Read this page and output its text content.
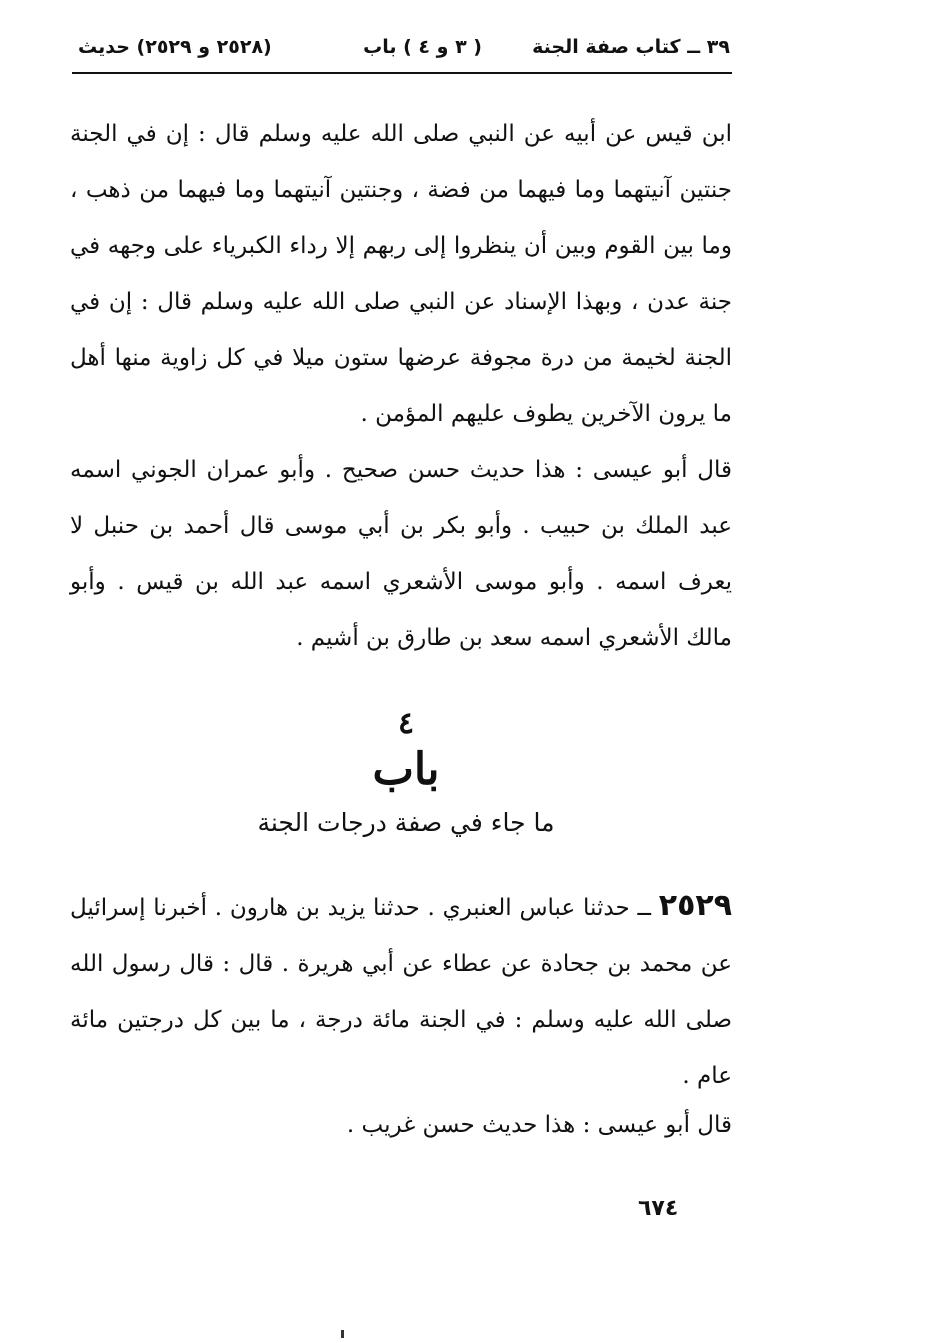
٣٩ ــ كتاب صفة الجنة
( ٣ و ٤ ) باب
(٢٥٢٨ و ٢٥٢٩) حديث
ابن قيس عن أبيه عن النبي صلى الله عليه وسلم قال : إن في الجنة جنتين آنيتهما وما فيهما من فضة ، وجنتين آنيتهما وما فيهما من ذهب ، وما بين القوم وبين أن ينظروا إلى ربهم إلا رداء الكبرياء على وجهه في جنة عدن ، وبهذا الإسناد عن النبي صلى الله عليه وسلم قال : إن في الجنة لخيمة من درة مجوفة عرضها ستون ميلا في كل زاوية منها أهل ما يرون الآخرين يطوف عليهم المؤمن .
قال أبو عيسى : هذا حديث حسن صحيح . وأبو عمران الجوني اسمه عبد الملك بن حبيب . وأبو بكر بن أبي موسى قال أحمد بن حنبل لا يعرف اسمه . وأبو موسى الأشعري اسمه عبد الله بن قيس . وأبو مالك الأشعري اسمه سعد بن طارق بن أشيم .
٤
باب
ما جاء في صفة درجات الجنة
٢٥٢٩ ــ حدثنا عباس العنبري . حدثنا يزيد بن هارون . أخبرنا إسرائيل عن محمد بن جحادة عن عطاء عن أبي هريرة . قال : قال رسول الله صلى الله عليه وسلم : في الجنة مائة درجة ، ما بين كل درجتين مائة عام .
قال أبو عيسى : هذا حديث حسن غريب .
٦٧٤
